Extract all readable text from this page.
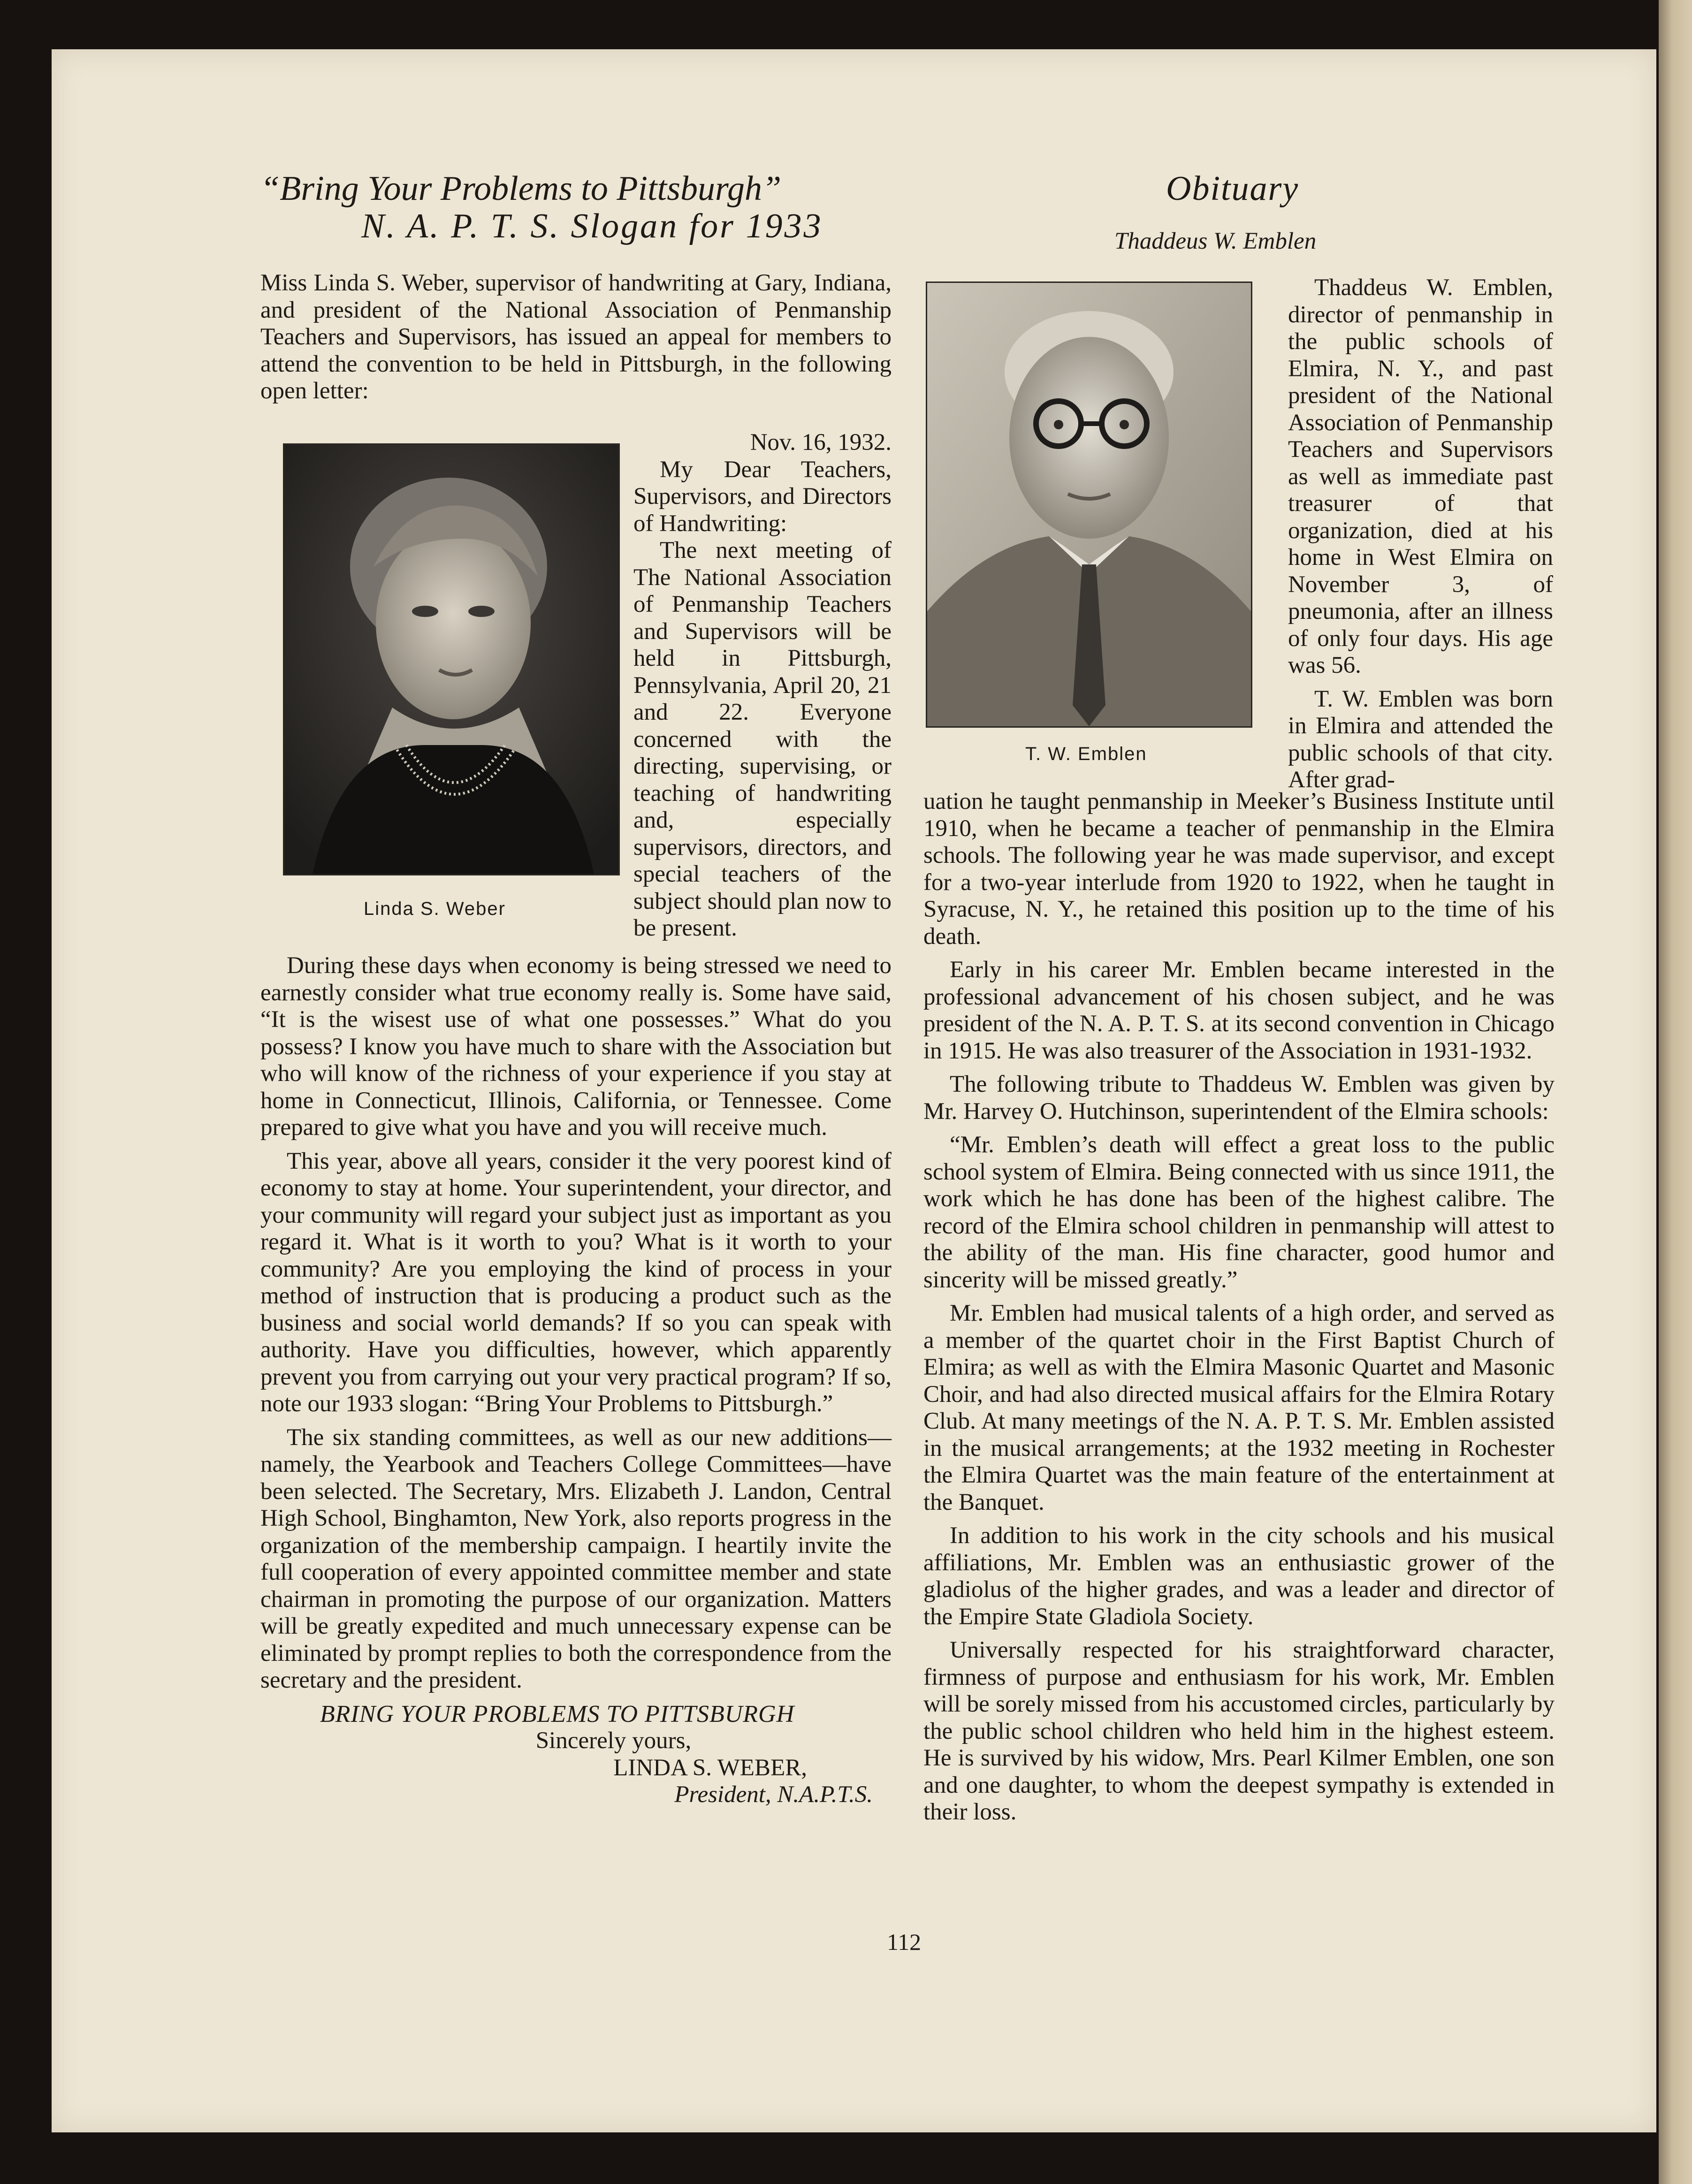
“Bring Your Problems to Pittsburgh”
N. A. P. T. S. Slogan for 1933
Miss Linda S. Weber, supervisor of handwriting at Gary, Indiana, and president of the National Association of Penmanship Teachers and Supervisors, has issued an appeal for members to attend the convention to be held in Pittsburgh, in the following open letter:
Linda S. Weber

Nov. 16, 1932.

My Dear Teachers, Supervisors, and Directors of Handwriting:

The next meeting of The National Association of Penmanship Teachers and Supervisors will be held in Pittsburgh, Pennsylvania, April 20, 21 and 22. Everyone concerned with the directing, supervising, or teaching of handwriting and, especially supervisors, directors, and special teachers of the subject should plan now to be present.

During these days when economy is being stressed we need to earnestly consider what true economy really is. Some have said, “It is the wisest use of what one possesses.” What do you possess? I know you have much to share with the Association but who will know of the richness of your experience if you stay at home in Connecticut, Illinois, California, or Tennessee. Come prepared to give what you have and you will receive much.

This year, above all years, consider it the very poorest kind of economy to stay at home. Your superintendent, your director, and your community will regard your subject just as important as you regard it. What is it worth to you? What is it worth to your community? Are you employing the kind of process in your method of instruction that is producing a product such as the business and social world demands? If so you can speak with authority. Have you difficulties, however, which apparently prevent you from carrying out your very practical program? If so, note our 1933 slogan: “Bring Your Problems to Pittsburgh.”

The six standing committees, as well as our new additions—namely, the Yearbook and Teachers College Committees—have been selected. The Secretary, Mrs. Elizabeth J. Landon, Central High School, Binghamton, New York, also reports progress in the organization of the membership campaign. I heartily invite the full cooperation of every appointed committee member and state chairman in promoting the purpose of our organization. Matters will be greatly expedited and much unnecessary expense can be eliminated by prompt replies to both the correspondence from the secretary and the president.

BRING YOUR PROBLEMS TO PITTSBURGH

Sincerely yours,

LINDA S. WEBER,

President, N.A.P.T.S.

Obituary
Thaddeus W. Emblen
T. W. Emblen

Thaddeus W. Emblen, director of penmanship in the public schools of Elmira, N. Y., and past president of the National Association of Penmanship Teachers and Supervisors as well as immediate past treasurer of that organization, died at his home in West Elmira on November 3, of pneumonia, after an illness of only four days. His age was 56.

T. W. Emblen was born in Elmira and attended the public schools of that city. After grad-

uation he taught penmanship in Meeker’s Business Institute until 1910, when he became a teacher of penmanship in the Elmira schools. The following year he was made supervisor, and except for a two-year interlude from 1920 to 1922, when he taught in Syracuse, N. Y., he retained this position up to the time of his death.

Early in his career Mr. Emblen became interested in the professional advancement of his chosen subject, and he was president of the N. A. P. T. S. at its second convention in Chicago in 1915. He was also treasurer of the Association in 1931-1932.

The following tribute to Thaddeus W. Emblen was given by Mr. Harvey O. Hutchinson, superintendent of the Elmira schools:

“Mr. Emblen’s death will effect a great loss to the public school system of Elmira. Being connected with us since 1911, the work which he has done has been of the highest calibre. The record of the Elmira school children in penmanship will attest to the ability of the man. His fine character, good humor and sincerity will be missed greatly.”

Mr. Emblen had musical talents of a high order, and served as a member of the quartet choir in the First Baptist Church of Elmira; as well as with the Elmira Masonic Quartet and Masonic Choir, and had also directed musical affairs for the Elmira Rotary Club. At many meetings of the N. A. P. T. S. Mr. Emblen assisted in the musical arrangements; at the 1932 meeting in Rochester the Elmira Quartet was the main feature of the entertainment at the Banquet.

In addition to his work in the city schools and his musical affiliations, Mr. Emblen was an enthusiastic grower of the gladiolus of the higher grades, and was a leader and director of the Empire State Gladiola Society.

Universally respected for his straightforward character, firmness of purpose and enthusiasm for his work, Mr. Emblen will be sorely missed from his accustomed circles, particularly by the public school children who held him in the highest esteem. He is survived by his widow, Mrs. Pearl Kilmer Emblen, one son and one daughter, to whom the deepest sympathy is extended in their loss.

112
